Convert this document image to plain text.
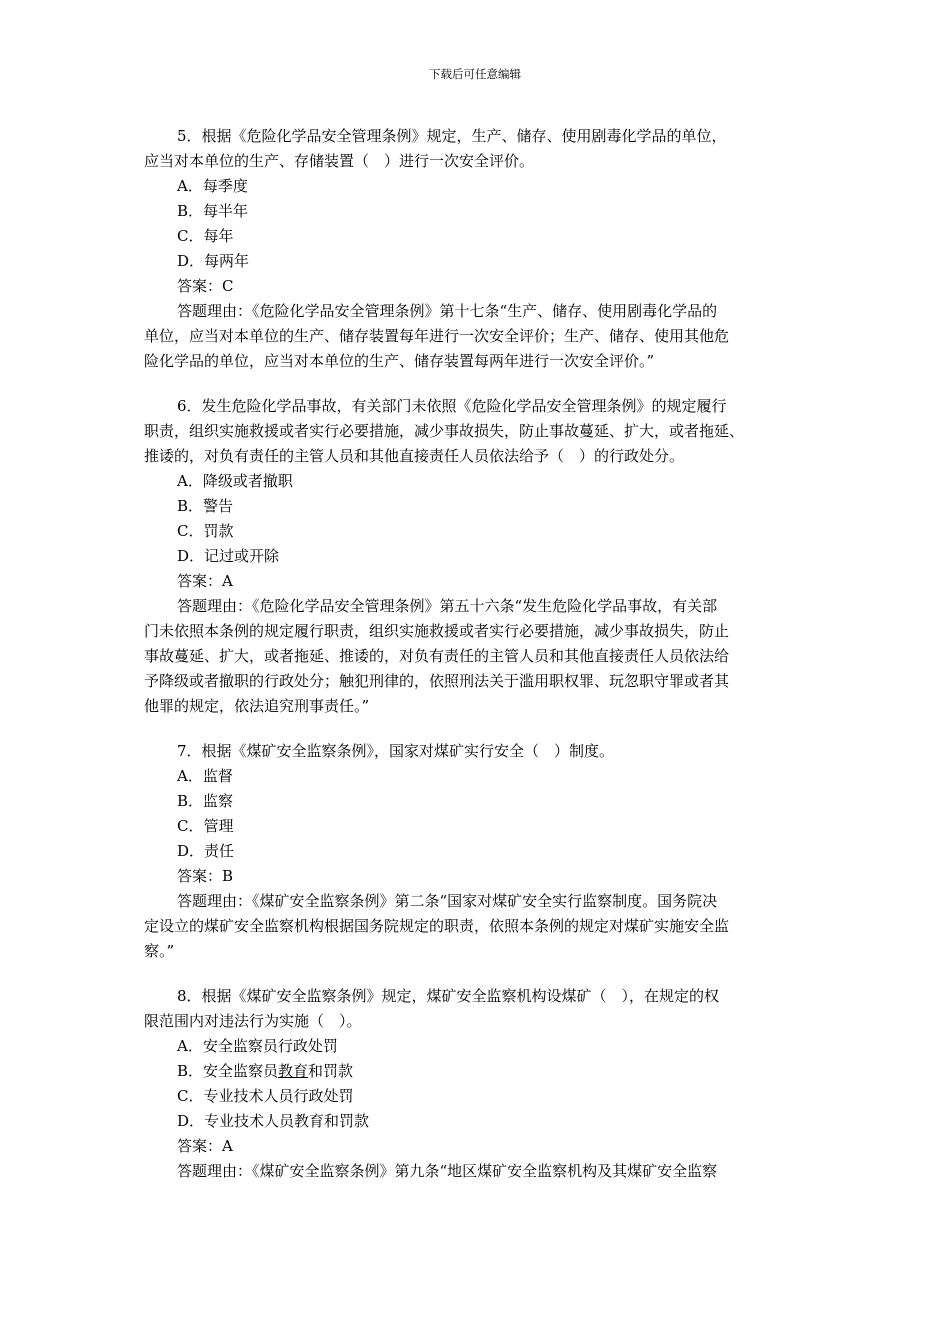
下载后可任意编辑
5．根据《危险化学品安全管理条例》规定，生产、储存、使用剧毒化学品的单位，
应当对本单位的生产、存储装置（　）进行一次安全评价。
A．每季度
B．每半年
C．每年
D．每两年
答案：C
答题理由：《危险化学品安全管理条例》第十七条“生产、储存、使用剧毒化学品的
单位，应当对本单位的生产、储存装置每年进行一次安全评价；生产、储存、使用其他危
险化学品的单位，应当对本单位的生产、储存装置每两年进行一次安全评价。”
6．发生危险化学品事故，有关部门未依照《危险化学品安全管理条例》的规定履行
职责，组织实施救援或者实行必要措施，减少事故损失，防止事故蔓延、扩大，或者拖延、
推诿的，对负有责任的主管人员和其他直接责任人员依法给予（　）的行政处分。
A．降级或者撤职
B．警告
C．罚款
D．记过或开除
答案：A
答题理由：《危险化学品安全管理条例》第五十六条“发生危险化学品事故，有关部
门未依照本条例的规定履行职责，组织实施救援或者实行必要措施，减少事故损失，防止
事故蔓延、扩大，或者拖延、推诿的，对负有责任的主管人员和其他直接责任人员依法给
予降级或者撤职的行政处分；触犯刑律的，依照刑法关于滥用职权罪、玩忽职守罪或者其
他罪的规定，依法追究刑事责任。”
7．根据《煤矿安全监察条例》，国家对煤矿实行安全（　）制度。
A．监督
B．监察
C．管理
D．责任
答案：B
答题理由：《煤矿安全监察条例》第二条“国家对煤矿安全实行监察制度。国务院决
定设立的煤矿安全监察机构根据国务院规定的职责，依照本条例的规定对煤矿实施安全监
察。”
8．根据《煤矿安全监察条例》规定，煤矿安全监察机构设煤矿（　），在规定的权
限范围内对违法行为实施（　）。
A．安全监察员行政处罚
B．安全监察员教育和罚款
C．专业技术人员行政处罚
D．专业技术人员教育和罚款
答案：A
答题理由：《煤矿安全监察条例》第九条“地区煤矿安全监察机构及其煤矿安全监察
